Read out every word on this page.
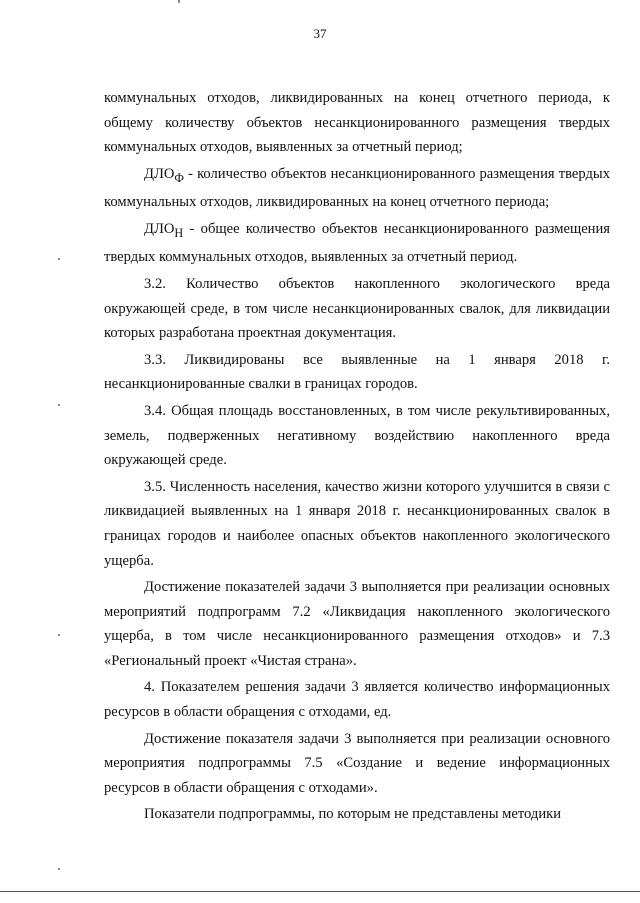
37

коммунальных отходов, ликвидированных на конец отчетного периода, к общему количеству объектов несанкционированного размещения твердых коммунальных отходов, выявленных за отчетный период;

$ДЛО_Ф$ - количество объектов несанкционированного размещения твердых коммунальных отходов, ликвидированных на конец отчетного периода;

$ДЛО_Н$ - общее количество объектов несанкционированного размещения твердых коммунальных отходов, выявленных за отчетный период.

3.2. Количество объектов накопленного экологического вреда окружающей среде, в том числе несанкционированных свалок, для ликвидации которых разработана проектная документация.

3.3. Ликвидированы все выявленные на 1 января 2018 г. несанкционированные свалки в границах городов.

3.4. Общая площадь восстановленных, в том числе рекультивированных, земель, подверженных негативному воздействию накопленного вреда окружающей среде.

3.5. Численность населения, качество жизни которого улучшится в связи с ликвидацией выявленных на 1 января 2018 г. несанкционированных свалок в границах городов и наиболее опасных объектов накопленного экологического ущерба.

Достижение показателей задачи 3 выполняется при реализации основных мероприятий подпрограмм 7.2 «Ликвидация накопленного экологического ущерба, в том числе несанкционированного размещения отходов» и 7.3 «Региональный проект «Чистая страна».

4. Показателем решения задачи 3 является количество информационных ресурсов в области обращения с отходами, ед.

Достижение показателя задачи 3 выполняется при реализации основного мероприятия подпрограммы 7.5 «Создание и ведение информационных ресурсов в области обращения с отходами».

Показатели подпрограммы, по которым не представлены методики
